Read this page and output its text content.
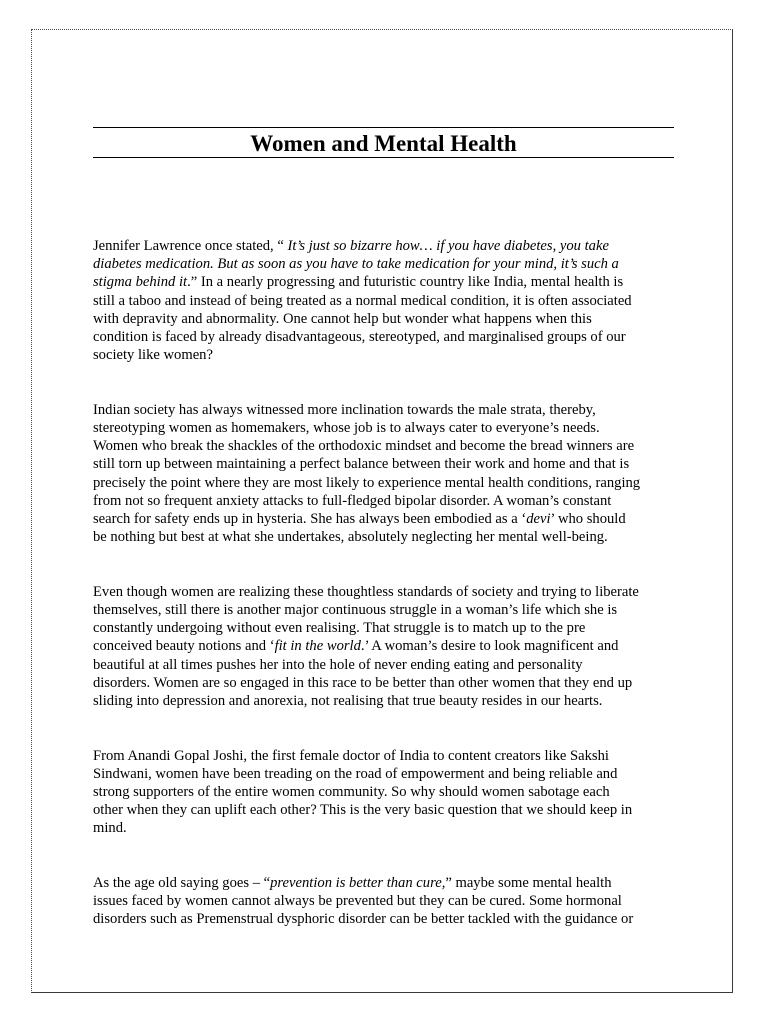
Women and Mental Health

Jennifer Lawrence once stated, “ It’s just so bizarre how… if you have diabetes, you take
diabetes medication. But as soon as you have to take medication for your mind, it’s such a
stigma behind it.” In a nearly progressing and futuristic country like India, mental health is
still a taboo and instead of being treated as a normal medical condition, it is often associated
with depravity and abnormality. One cannot help but wonder what happens when this
condition is faced by already disadvantageous, stereotyped, and marginalised groups of our
society like women?

Indian society has always witnessed more inclination towards the male strata, thereby,
stereotyping women as homemakers, whose job is to always cater to everyone’s needs.
Women who break the shackles of the orthodoxic mindset and become the bread winners are
still torn up between maintaining a perfect balance between their work and home and that is
precisely the point where they are most likely to experience mental health conditions, ranging
from not so frequent anxiety attacks to full-fledged bipolar disorder. A woman’s constant
search for safety ends up in hysteria. She has always been embodied as a ‘devi’ who should
be nothing but best at what she undertakes, absolutely neglecting her mental well-being.

Even though women are realizing these thoughtless standards of society and trying to liberate
themselves, still there is another major continuous struggle in a woman’s life which she is
constantly undergoing without even realising. That struggle is to match up to the pre
conceived beauty notions and ‘fit in the world.’ A woman’s desire to look magnificent and
beautiful at all times pushes her into the hole of never ending eating and personality
disorders. Women are so engaged in this race to be better than other women that they end up
sliding into depression and anorexia, not realising that true beauty resides in our hearts.

From Anandi Gopal Joshi, the first female doctor of India to content creators like Sakshi
Sindwani, women have been treading on the road of empowerment and being reliable and
strong supporters of the entire women community. So why should women sabotage each
other when they can uplift each other? This is the very basic question that we should keep in
mind.

As the age old saying goes – “prevention is better than cure,” maybe some mental health
issues faced by women cannot always be prevented but they can be cured. Some hormonal
disorders such as Premenstrual dysphoric disorder can be better tackled with the guidance or
